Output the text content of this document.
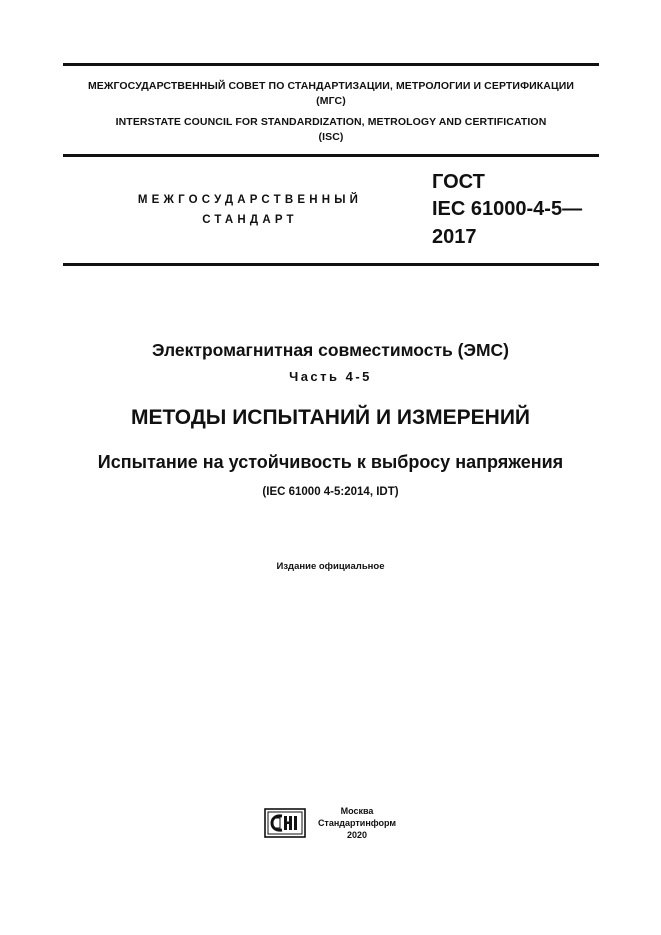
МЕЖГОСУДАРСТВЕННЫЙ СОВЕТ ПО СТАНДАРТИЗАЦИИ, МЕТРОЛОГИИ И СЕРТИФИКАЦИИ
(МГС)
INTERSTATE COUNCIL FOR STANDARDIZATION, METROLOGY AND CERTIFICATION
(ISC)
МЕЖГОСУДАРСТВЕННЫЙ
СТАНДАРТ
ГОСТ
IEC 61000-4-5—
2017
Электромагнитная совместимость (ЭМС)
Часть 4-5
МЕТОДЫ ИСПЫТАНИЙ И ИЗМЕРЕНИЙ
Испытание на устойчивость к выбросу напряжения
(IEC 61000 4-5:2014, IDT)
Издание официальное
Москва
Стандартинформ
2020
